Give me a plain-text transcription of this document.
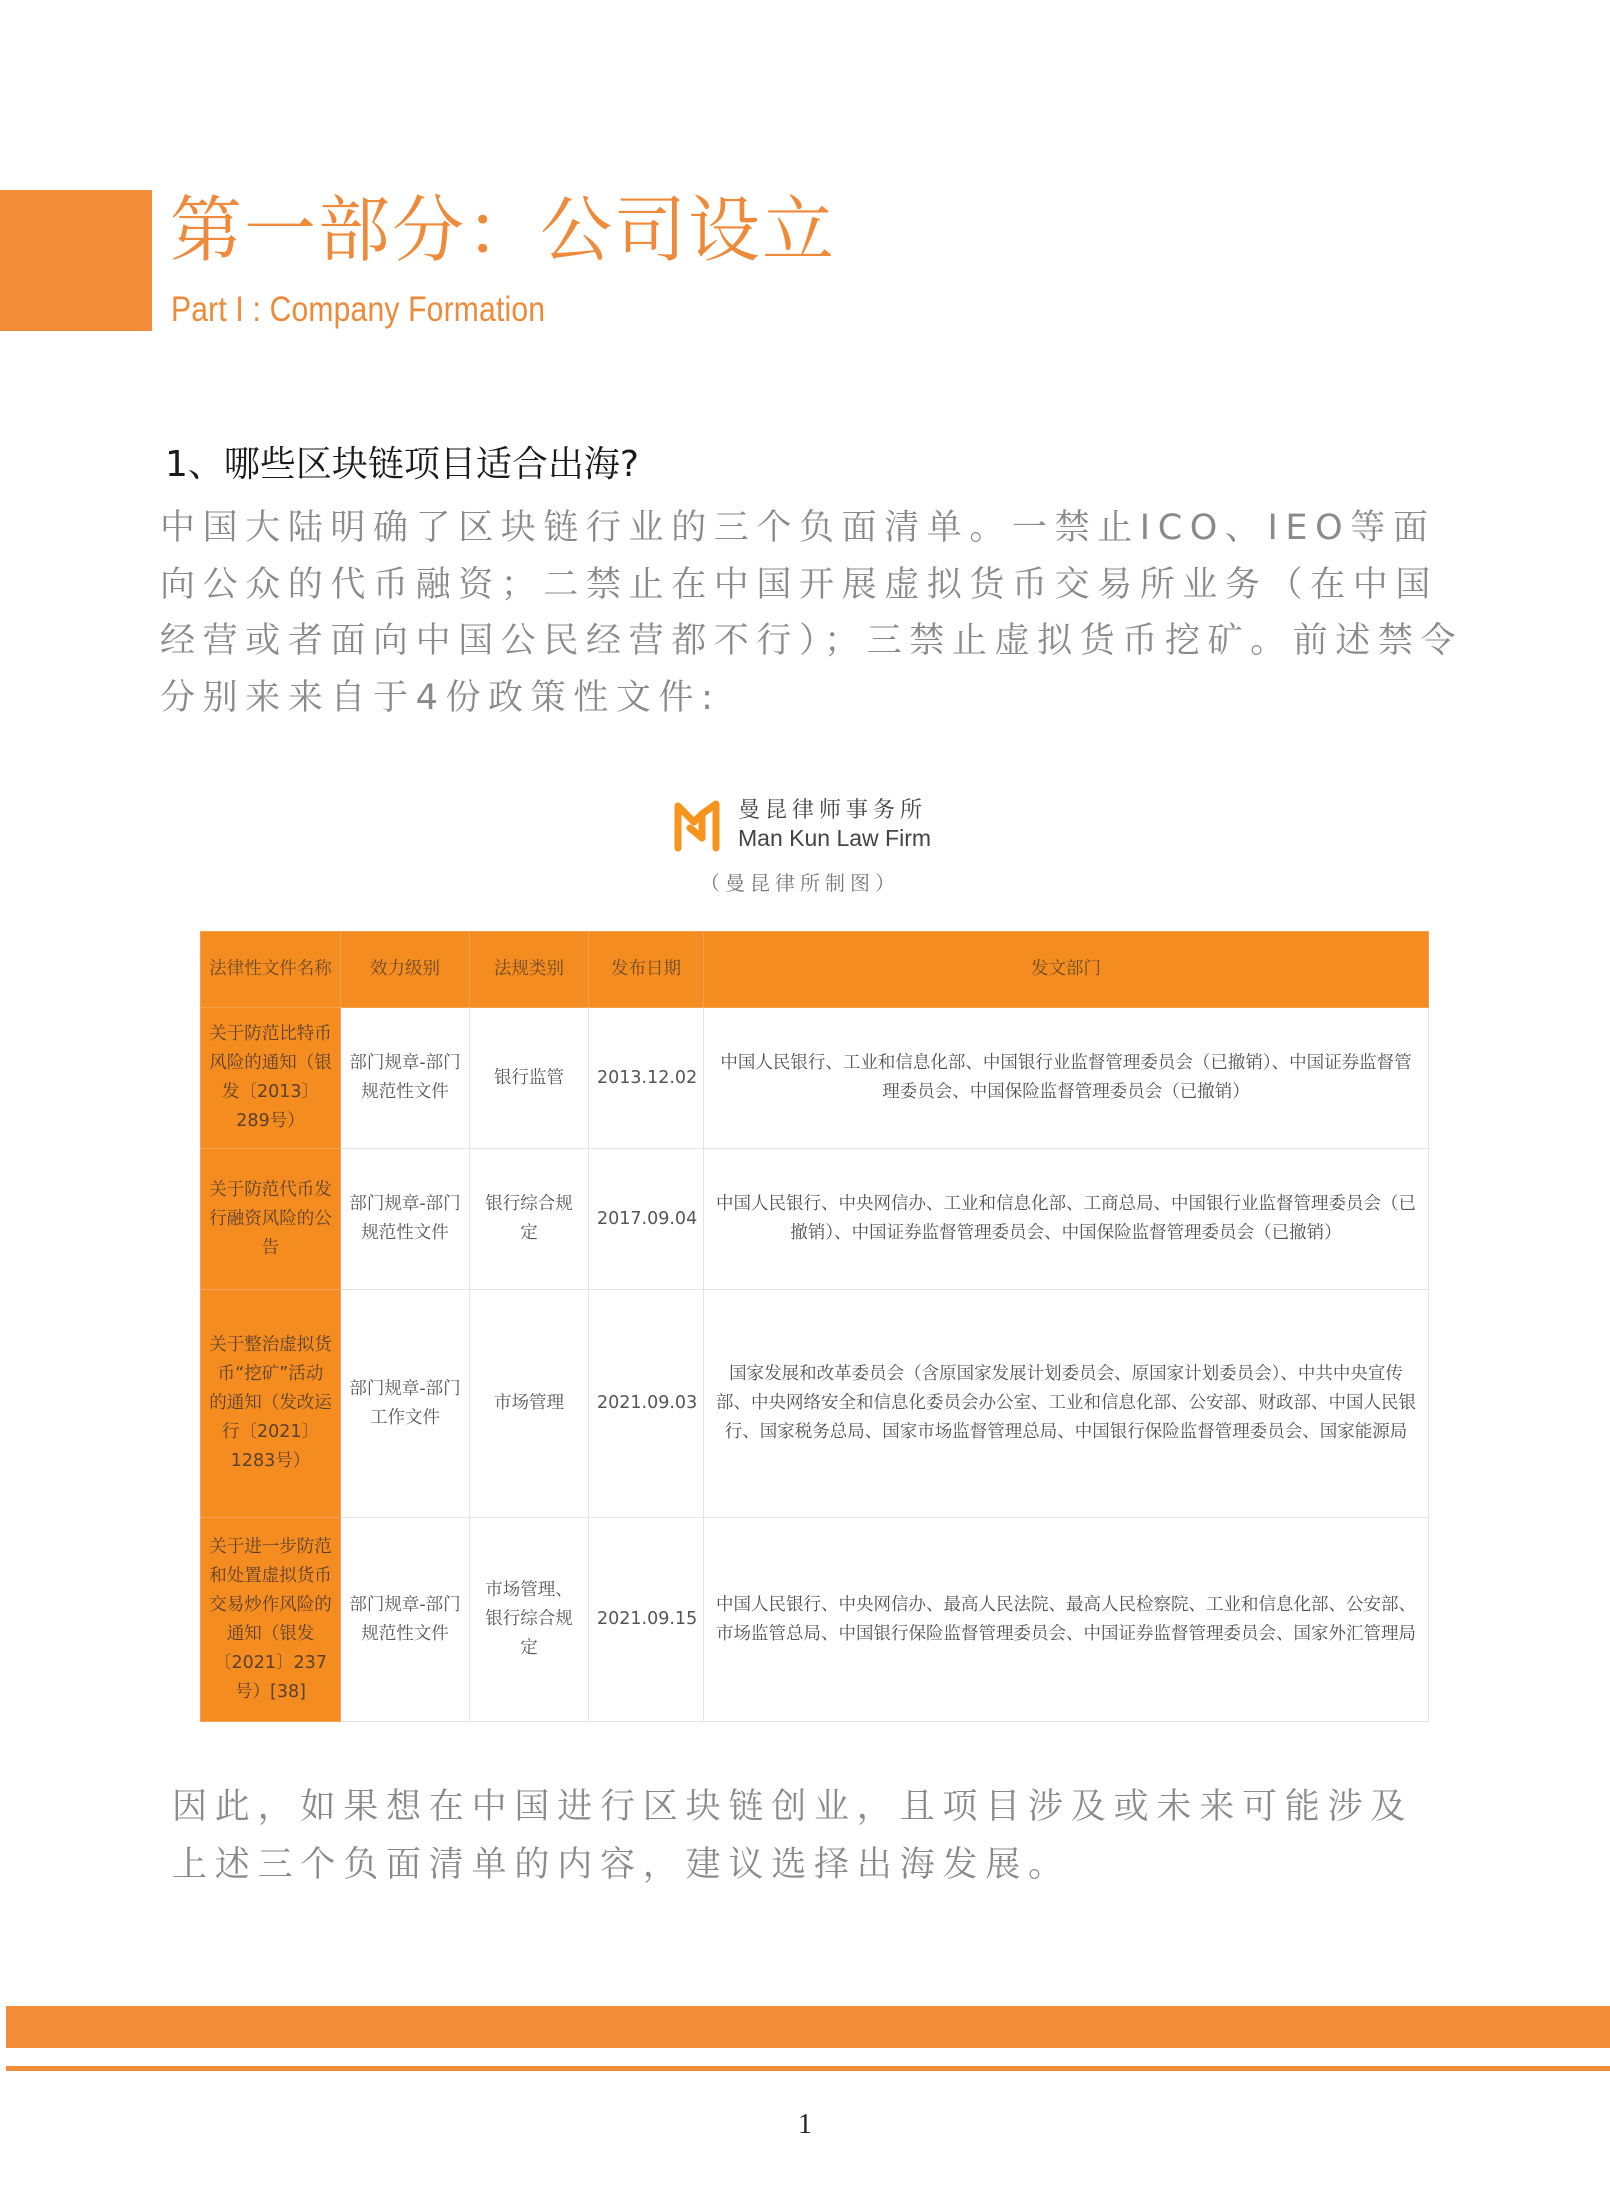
第一部分：公司设立
Part I : Company Formation
1、哪些区块链项目适合出海?
中国大陆明确了区块链行业的三个负面清单。一禁止ICO、IEO等面向公众的代币融资；二禁止在中国开展虚拟货币交易所业务（在中国经营或者面向中国公民经营都不行）；三禁止虚拟货币挖矿。前述禁令分别来来自于4份政策性文件:
曼昆律师事务所
Man Kun Law Firm
（曼昆律所制图）
法律性文件名称	效力级别	法规类别	发布日期	发文部门
关于防范比特币风险的通知（银发〔2013〕289号）	部门规章-部门规范性文件	银行监管	2013.12.02	中国人民银行、工业和信息化部、中国银行业监督管理委员会（已撤销）、中国证券监督管理委员会、中国保险监督管理委员会（已撤销）
关于防范代币发行融资风险的公告	部门规章-部门规范性文件	银行综合规定	2017.09.04	中国人民银行、中央网信办、工业和信息化部、工商总局、中国银行业监督管理委员会（已撤销）、中国证券监督管理委员会、中国保险监督管理委员会（已撤销）
关于整治虚拟货币“挖矿”活动的通知（发改运行〔2021〕1283号）	部门规章-部门工作文件	市场管理	2021.09.03	国家发展和改革委员会（含原国家发展计划委员会、原国家计划委员会）、中共中央宣传部、中央网络安全和信息化委员会办公室、工业和信息化部、公安部、财政部、中国人民银行、国家税务总局、国家市场监督管理总局、中国银行保险监督管理委员会、国家能源局
关于进一步防范和处置虚拟货币交易炒作风险的通知（银发〔2021〕237号）[38]	部门规章-部门规范性文件	市场管理、银行综合规定	2021.09.15	中国人民银行、中央网信办、最高人民法院、最高人民检察院、工业和信息化部、公安部、市场监管总局、中国银行保险监督管理委员会、中国证券监督管理委员会、国家外汇管理局
因此，如果想在中国进行区块链创业，且项目涉及或未来可能涉及上述三个负面清单的内容，建议选择出海发展。
1
